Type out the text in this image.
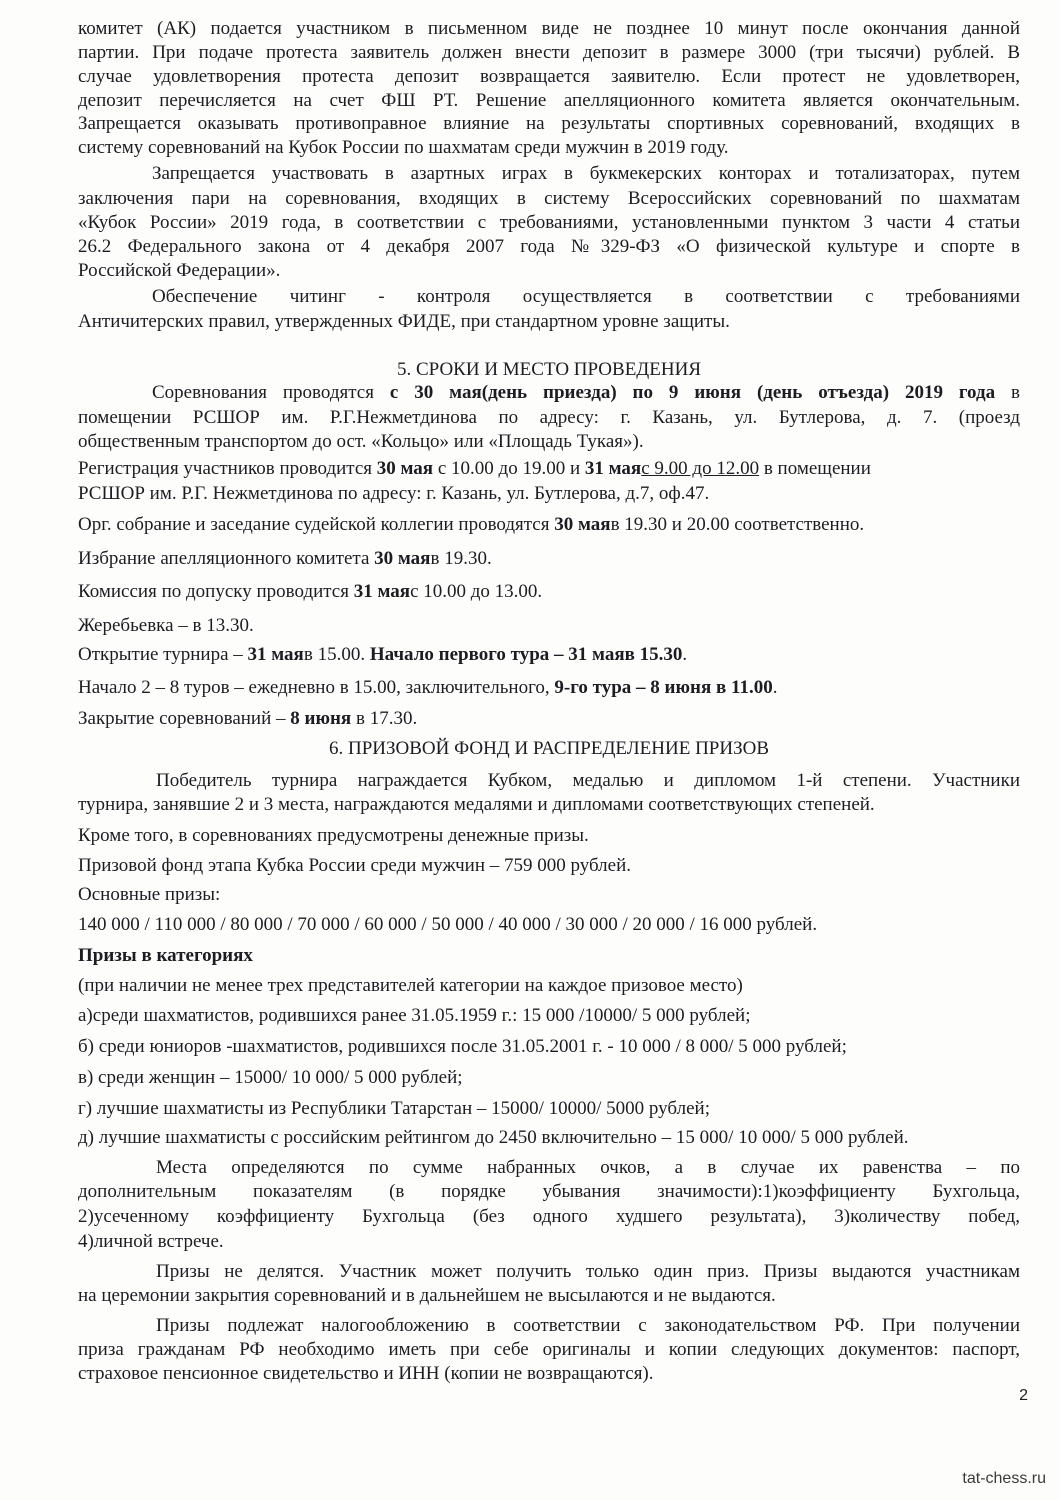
комитет (АК) подается участником в письменном виде не позднее 10 минут после окончания данной
партии. При подаче протеста заявитель должен внести депозит в размере 3000 (три тысячи) рублей. В
случае удовлетворения протеста депозит возвращается заявителю. Если протест не удовлетворен,
депозит перечисляется на счет ФШ РТ. Решение апелляционного комитета является окончательным.
Запрещается оказывать противоправное влияние на результаты спортивных соревнований, входящих в
систему соревнований на Кубок России по шахматам среди мужчин в 2019 году.
Запрещается участвовать в азартных играх в букмекерских конторах и тотализаторах, путем
заключения пари на соревнования, входящих в систему Всероссийских соревнований по шахматам
«Кубок России» 2019 года, в соответствии с требованиями, установленными пунктом 3 части 4 статьи
26.2 Федерального закона от 4 декабря 2007 года №329-ФЗ «О физической культуре и спорте в
Российской Федерации».
Обеспечение читинг - контроля осуществляется в соответствии с требованиями
Античитерских правил, утвержденных ФИДЕ, при стандартном уровне защиты.
5. СРОКИ И МЕСТО ПРОВЕДЕНИЯ
Соревнования проводятся с 30 мая(день приезда) по 9 июня (день отъезда) 2019 года в
помещении РСШОР им. Р.Г.Нежметдинова по адресу: г. Казань, ул. Бутлерова, д. 7. (проезд
общественным транспортом до ост. «Кольцо» или «Площадь Тукая»).
Регистрация участников проводится 30 мая с 10.00 до 19.00 и 31 маяс 9.00 до 12.00 в помещении
РСШОР им. Р.Г. Нежметдинова по адресу: г. Казань, ул. Бутлерова, д.7, оф.47.
Орг. собрание и заседание судейской коллегии проводятся 30 маяв 19.30 и 20.00 соответственно.
Избрание апелляционного комитета 30 маяв 19.30.
Комиссия по допуску проводится 31 маяс 10.00 до 13.00.
Жеребьевка – в 13.30.
Открытие турнира – 31 маяв 15.00. Начало первого тура – 31 маяв 15.30.
Начало 2 – 8 туров – ежедневно в 15.00, заключительного, 9-го тура – 8 июня в 11.00.
Закрытие соревнований – 8 июня в 17.30.
6. ПРИЗОВОЙ ФОНД И РАСПРЕДЕЛЕНИЕ ПРИЗОВ
Победитель турнира награждается Кубком, медалью и дипломом 1-й степени. Участники
турнира, занявшие 2 и 3 места, награждаются медалями и дипломами соответствующих степеней.
Кроме того, в соревнованиях предусмотрены денежные призы.
Призовой фонд этапа Кубка России среди мужчин – 759 000 рублей.
Основные призы:
140 000 / 110 000 / 80 000 / 70 000 / 60 000 / 50 000 / 40 000 / 30 000 / 20 000 / 16 000 рублей.
Призы в категориях
(при наличии не менее трех представителей категории на каждое призовое место)
а)среди шахматистов, родившихся ранее 31.05.1959 г.: 15 000 /10000/ 5 000 рублей;
б) среди юниоров -шахматистов, родившихся после 31.05.2001 г. - 10 000 / 8 000/ 5 000 рублей;
в) среди женщин – 15000/ 10 000/ 5 000 рублей;
г) лучшие шахматисты из Республики Татарстан – 15000/ 10000/ 5000 рублей;
д) лучшие шахматисты с российским рейтингом до 2450 включительно – 15 000/ 10 000/ 5 000 рублей.
Места определяются по сумме набранных очков, а в случае их равенства – по
дополнительным показателям (в порядке убывания значимости):1)коэффициенту Бухгольца,
2)усеченному коэффициенту Бухгольца (без одного худшего результата), 3)количеству побед,
4)личной встрече.
Призы не делятся. Участник может получить только один приз. Призы выдаются участникам
на церемонии закрытия соревнований и в дальнейшем не высылаются и не выдаются.
Призы подлежат налогообложению в соответствии с законодательством РФ. При получении
приза гражданам РФ необходимо иметь при себе оригиналы и копии следующих документов: паспорт,
страховое пенсионное свидетельство и ИНН (копии не возвращаются).
2
tat-chess.ru
